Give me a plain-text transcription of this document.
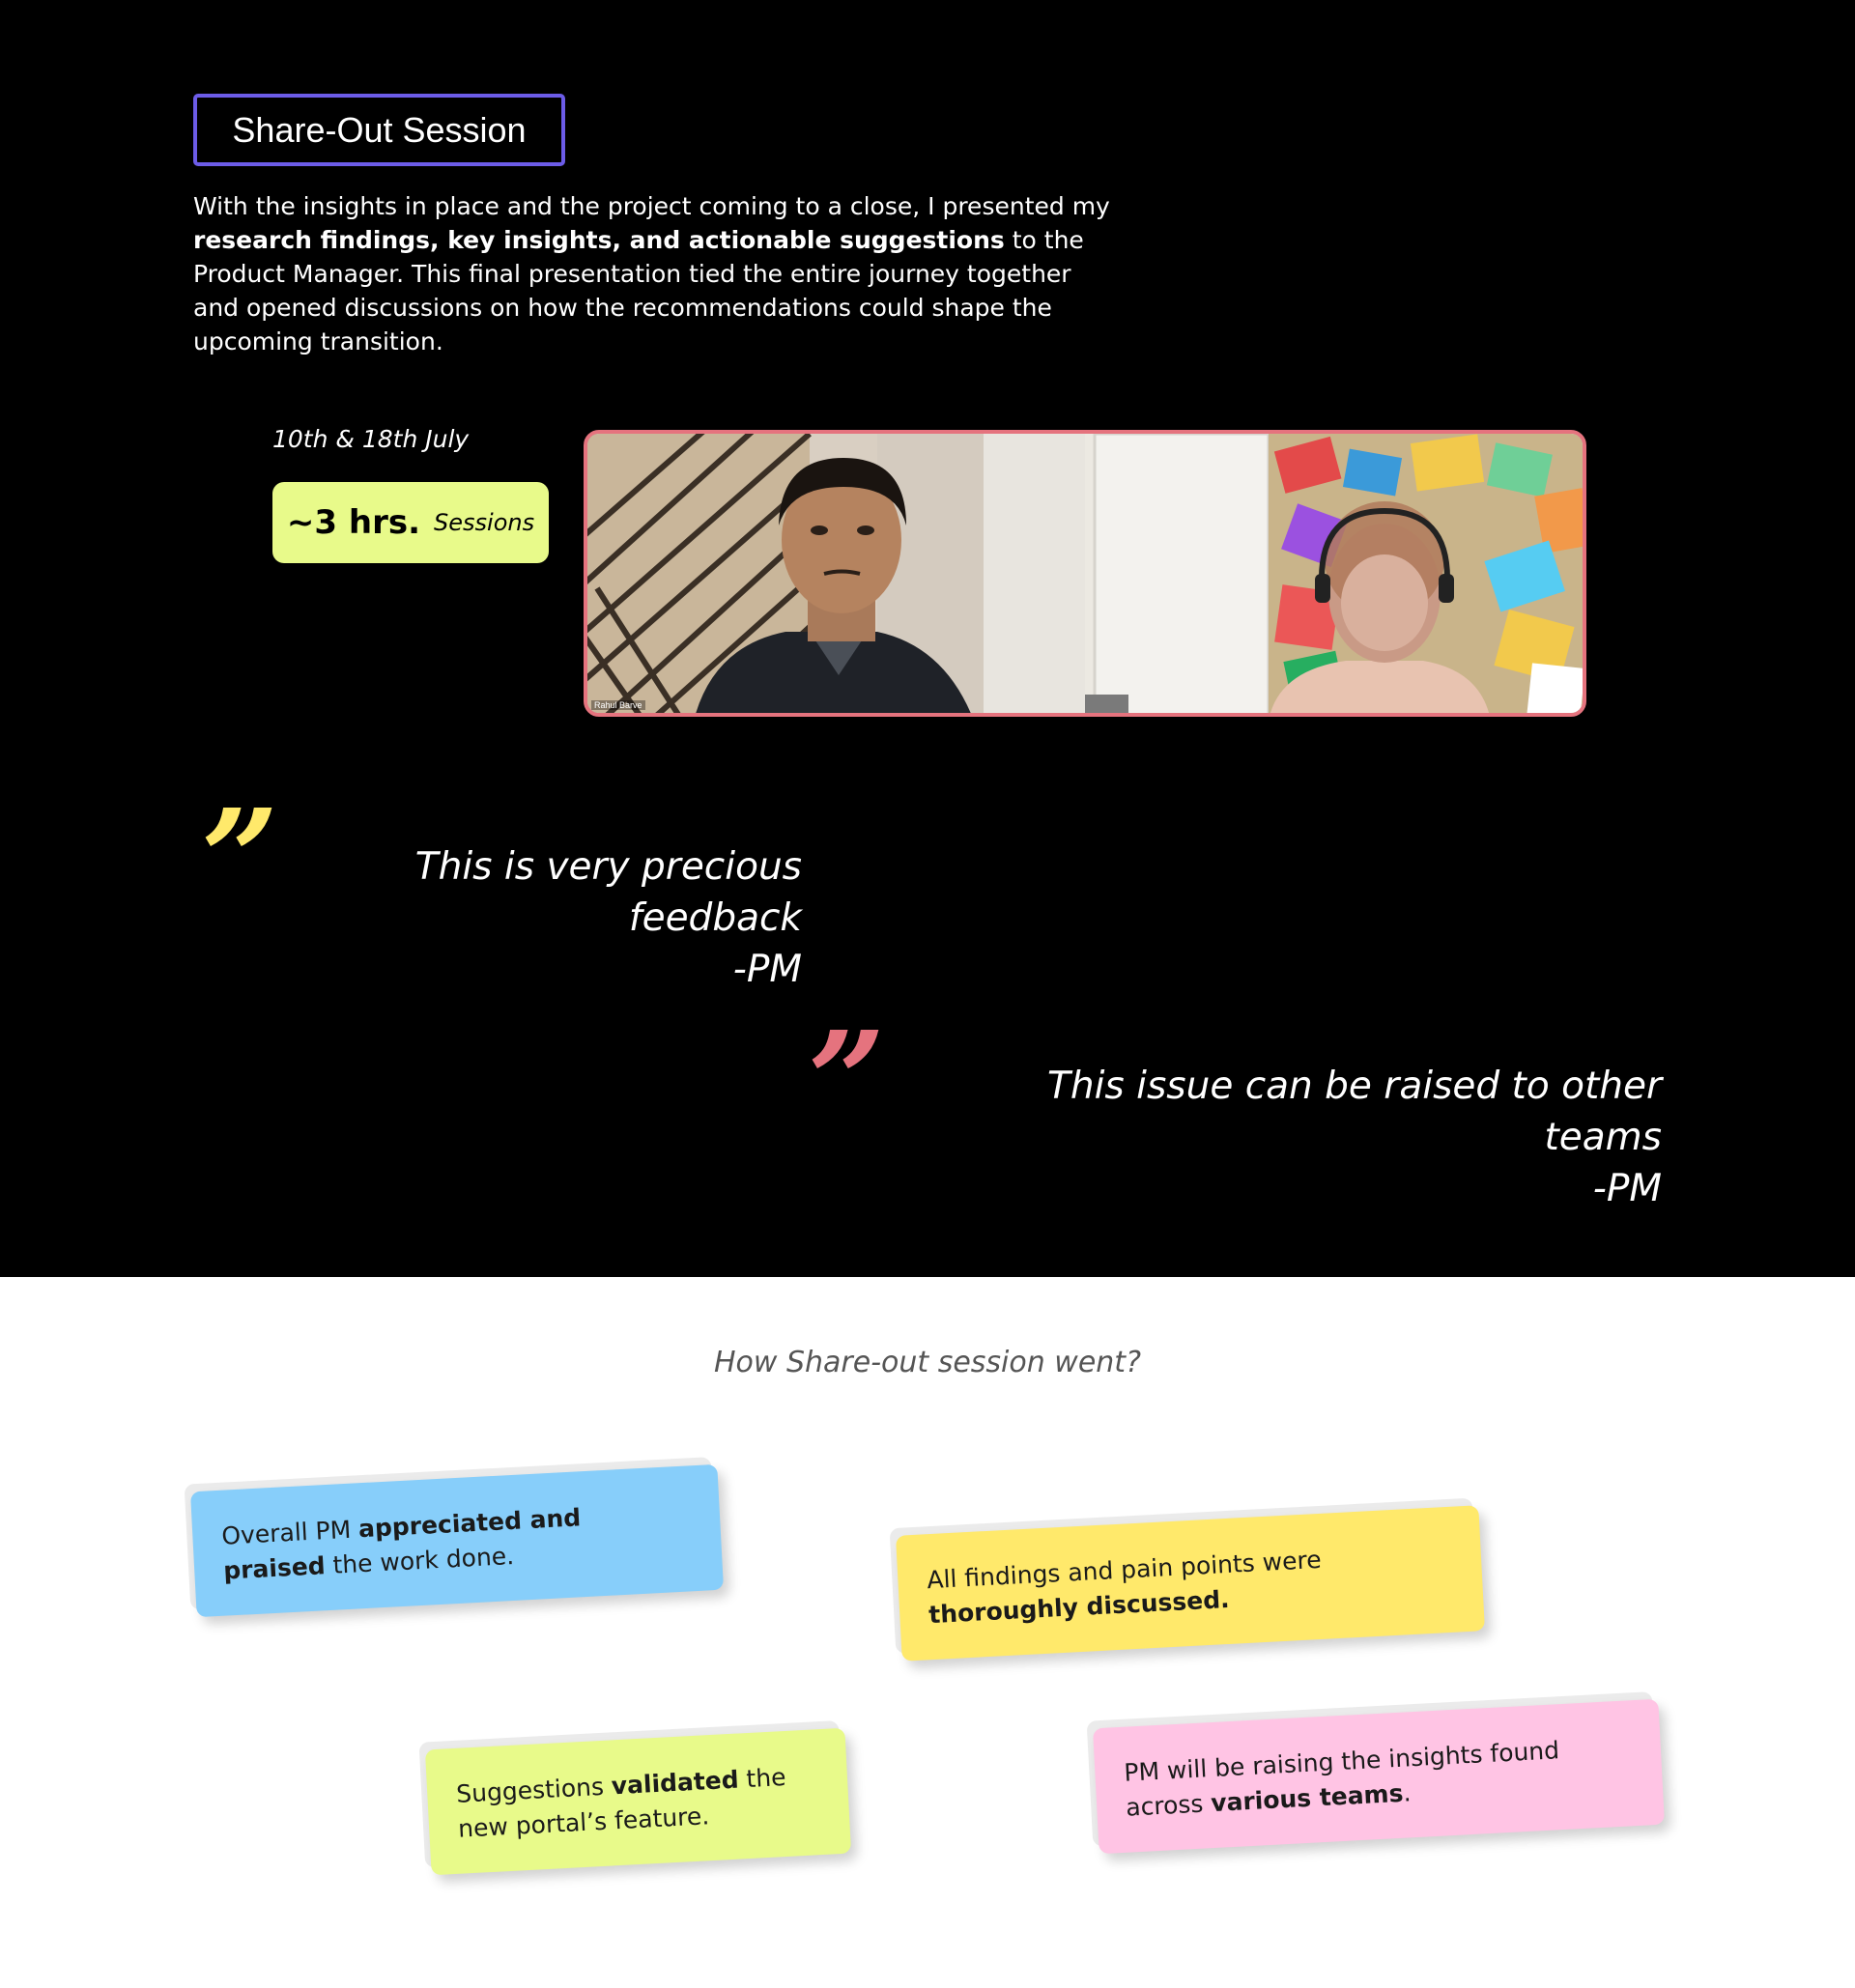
Share-Out Session
With the insights in place and the project coming to a close, I presented my research findings, key insights, and actionable suggestions to the Product Manager. This final presentation tied the entire journey together and opened discussions on how the recommendations could shape the upcoming transition.
10th & 18th July
~3 hrs. Sessions
Rahul Barve
”	This is very precious feedback
-PM
”	This issue can be raised to other teams
-PM
How Share-out session went?
Overall PM appreciated and praised the work done.	All findings and pain points were thoroughly discussed.
Suggestions validated the new portal’s feature.
PM will be raising the insights found across various teams.
